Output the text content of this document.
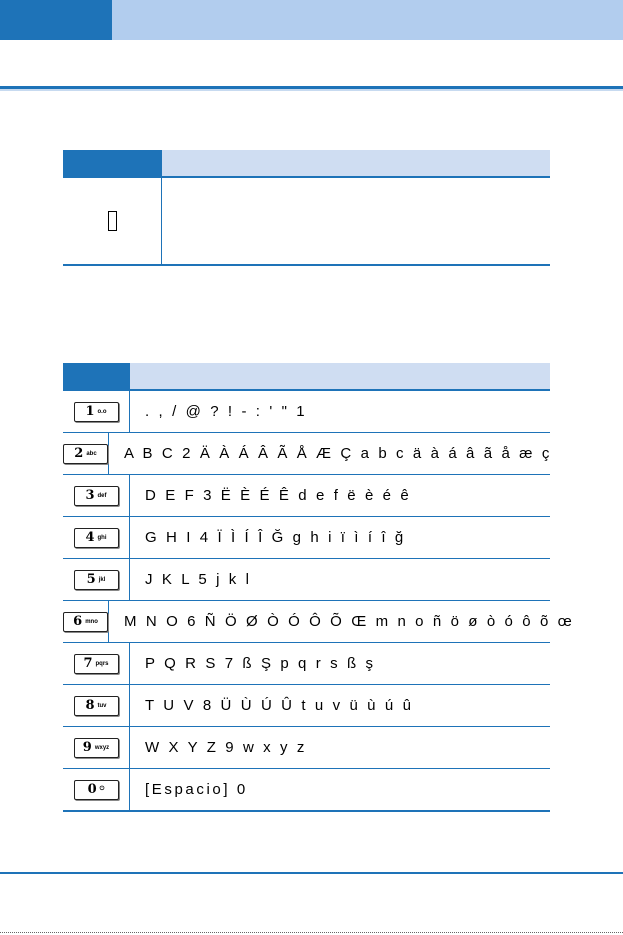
1 o.o	. , / @ ? ! - : ' " 1
2 abc	A B C 2 Ä À Á Â Ã Å Æ Ç a b c ä à á â ã å æ ç
3 def	D E F 3 Ë È É Ê d e f ë è é ê
4 ghi	G H I 4 Ï Ì Í Î Ğ g h i ï ì í î ğ
5 jkl	J K L 5 j k l
6 mno	M N O 6 Ñ Ö Ø Ò Ó Ô Õ Œ m n o ñ ö ø ò ó ô õ œ
7 pqrs	P Q R S 7 ß Ş p q r s ß ş
8 tuv	T U V 8 Ü Ù Ú Û t u v ü ù ú û
9 wxyz	W X Y Z 9 w x y z
0 ⏻	[Espacio] 0
